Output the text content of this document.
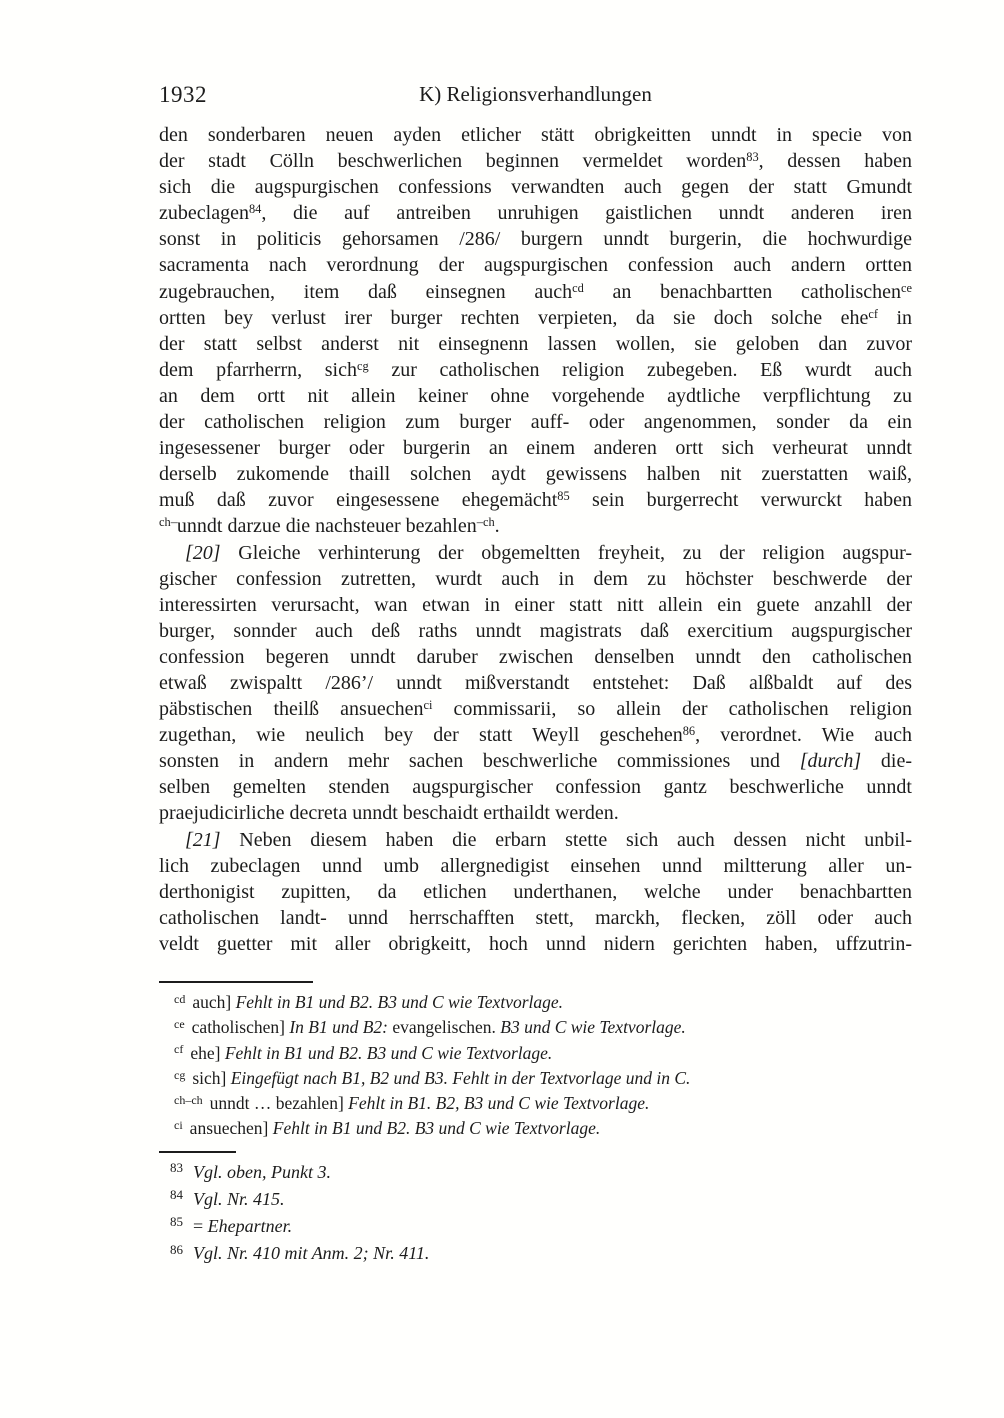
1932	K) Religionsverhandlungen
den sonderbaren neuen ayden etlicher stätt obrigkeitten unndt in specie von
der stadt Cölln beschwerlichen beginnen vermeldet worden$^{83}$, dessen haben
sich die augspurgischen confessions verwandten auch gegen der statt Gmundt
zubeclagen$^{84}$, die auf antreiben unruhigen gaistlichen unndt anderen iren
sonst in politicis gehorsamen /286/ burgern unndt burgerin, die hochwurdige
sacramenta nach verordnung der augspurgischen confession auch andern ortten
zugebrauchen, item daß einsegnen auch$^{cd}$ an benachbartten catholischen$^{ce}$
ortten bey verlust irer burger rechten verpieten, da sie doch solche ehe$^{cf}$ in
der statt selbst anderst nit einsegnenn lassen wollen, sie geloben dan zuvor
dem pfarrherrn, sich$^{cg}$ zur catholischen religion zubegeben. Eß wurdt auch
an dem ortt nit allein keiner ohne vorgehende aydtliche verpflichtung zu
der catholischen religion zum burger auff- oder angenommen, sonder da ein
ingesessener burger oder burgerin an einem anderen ortt sich verheurat unndt
derselb zukomende thaill solchen aydt gewissens halben nit zuerstatten waiß,
muß daß zuvor eingesessene ehegemächt$^{85}$ sein burgerrecht verwurckt haben
$^{ch-}$unndt darzue die nachsteuer bezahlen$^{-ch}$.
[20] Gleiche verhinterung der obgemeltten freyheit, zu der religion augspur-
gischer confession zutretten, wurdt auch in dem zu höchster beschwerde der
interessirten verursacht, wan etwan in einer statt nitt allein ein guete anzahll der
burger, sonnder auch deß raths unndt magistrats daß exercitium augspurgischer
confession begeren unndt daruber zwischen denselben unndt den catholischen
etwaß zwispaltt /286’/ unndt mißverstandt entstehet: Daß alßbaldt auf des
päbstischen theilß ansuechen$^{ci}$ commissarii, so allein der catholischen religion
zugethan, wie neulich bey der statt Weyll geschehen$^{86}$, verordnet. Wie auch
sonsten in andern mehr sachen beschwerliche commissiones und [durch] die-
selben gemelten stenden augspurgischer confession gantz beschwerliche unndt
praejudicirliche decreta unndt beschaidt erthaildt werden.
[21] Neben diesem haben die erbarn stette sich auch dessen nicht unbil-
lich zubeclagen unnd umb allergnedigist einsehen unnd miltterung aller un-
derthonigist zupitten, da etlichen underthanen, welche under benachbartten
catholischen landt- unnd herrschafften stett, marckh, flecken, zöll oder auch
veldt guetter mit aller obrigkeitt, hoch unnd nidern gerichten haben, uffzutrin-
$^{cd}$ auch] Fehlt in B1 und B2. B3 und C wie Textvorlage.
$^{ce}$ catholischen] In B1 und B2: evangelischen. B3 und C wie Textvorlage.
$^{cf}$ ehe] Fehlt in B1 und B2. B3 und C wie Textvorlage.
$^{cg}$ sich] Eingefügt nach B1, B2 und B3. Fehlt in der Textvorlage und in C.
$^{ch-ch}$ unndt … bezahlen] Fehlt in B1. B2, B3 und C wie Textvorlage.
$^{ci}$ ansuechen] Fehlt in B1 und B2. B3 und C wie Textvorlage.
$^{83}$ Vgl. oben, Punkt 3.
$^{84}$ Vgl. Nr. 415.
$^{85}$ = Ehepartner.
$^{86}$ Vgl. Nr. 410 mit Anm. 2; Nr. 411.
